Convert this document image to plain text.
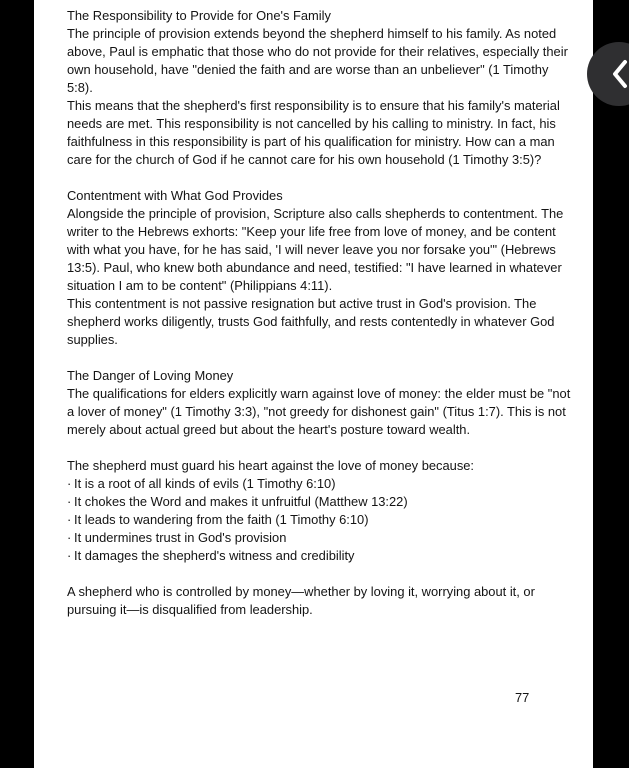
The Responsibility to Provide for One's Family

The principle of provision extends beyond the shepherd himself to his family. As noted above, Paul is emphatic that those who do not provide for their relatives, especially their own household, have "denied the faith and are worse than an unbeliever" (1 Timothy 5:8).

This means that the shepherd's first responsibility is to ensure that his family's material needs are met. This responsibility is not cancelled by his calling to ministry. In fact, his faithfulness in this responsibility is part of his qualification for ministry. How can a man care for the church of God if he cannot care for his own household (1 Timothy 3:5)?

Contentment with What God Provides

Alongside the principle of provision, Scripture also calls shepherds to contentment. The writer to the Hebrews exhorts: "Keep your life free from love of money, and be content with what you have, for he has said, 'I will never leave you nor forsake you'" (Hebrews 13:5). Paul, who knew both abundance and need, testified: "I have learned in whatever situation I am to be content" (Philippians 4:11).

This contentment is not passive resignation but active trust in God's provision. The shepherd works diligently, trusts God faithfully, and rests contentedly in whatever God supplies.

The Danger of Loving Money

The qualifications for elders explicitly warn against love of money: the elder must be "not a lover of money" (1 Timothy 3:3), "not greedy for dishonest gain" (Titus 1:7). This is not merely about actual greed but about the heart's posture toward wealth.

The shepherd must guard his heart against the love of money because:

· It is a root of all kinds of evils (1 Timothy 6:10)
· It chokes the Word and makes it unfruitful (Matthew 13:22)
· It leads to wandering from the faith (1 Timothy 6:10)
· It undermines trust in God's provision
· It damages the shepherd's witness and credibility

A shepherd who is controlled by money—whether by loving it, worrying about it, or pursuing it—is disqualified from leadership.

77
